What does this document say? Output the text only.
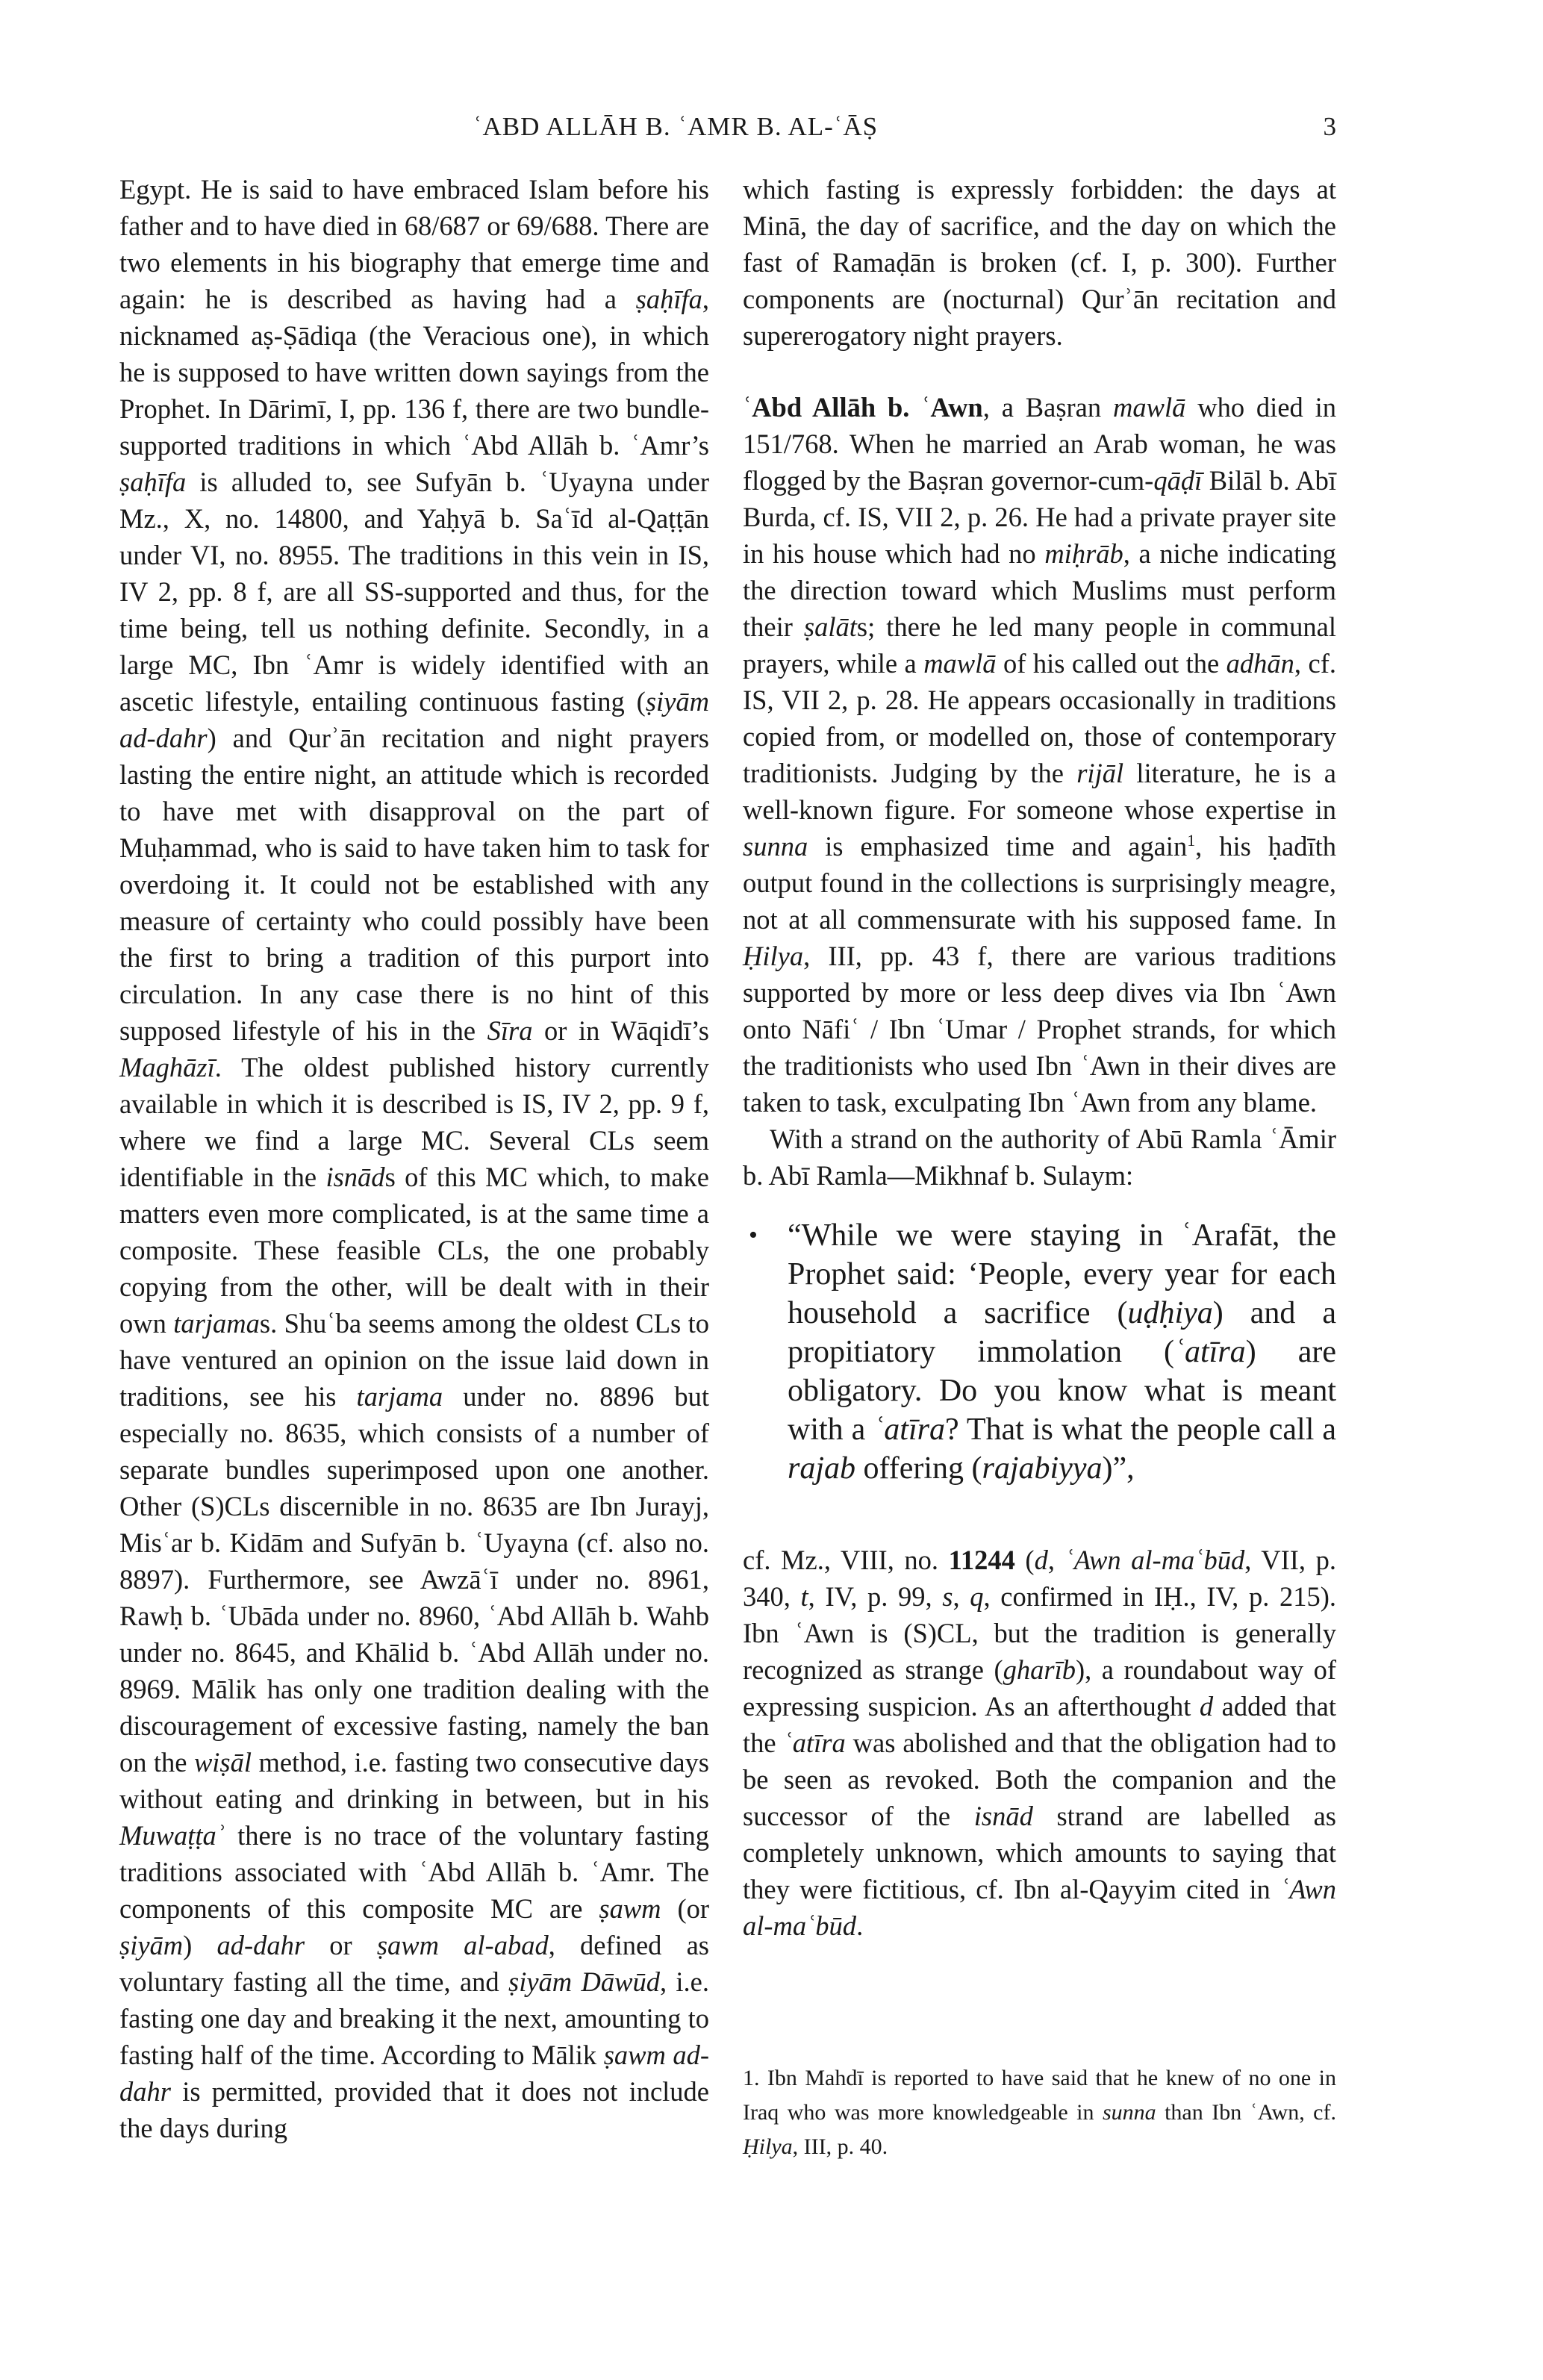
ʿABD ALLĀH B. ʿAMR B. AL-ʿĀṢ	3

Egypt. He is said to have embraced Islam before his father and to have died in 68/687 or 69/688. There are two elements in his biography that emerge time and again: he is described as having had a ṣaḥīfa, nicknamed aṣ-Ṣādiqa (the Veracious one), in which he is supposed to have written down sayings from the Prophet. In Dārimī, I, pp. 136 f, there are two bundle-supported traditions in which ʿAbd Allāh b. ʿAmr’s ṣaḥīfa is alluded to, see Sufyān b. ʿUyayna under Mz., X, no. 14800, and Yaḥyā b. Saʿīd al-Qaṭṭān under VI, no. 8955. The traditions in this vein in IS, IV 2, pp. 8 f, are all SS-supported and thus, for the time being, tell us nothing definite. Secondly, in a large MC, Ibn ʿAmr is widely identified with an ascetic lifestyle, entailing continuous fasting (ṣiyām ad-dahr) and Qurʾān recitation and night prayers lasting the entire night, an attitude which is recorded to have met with disapproval on the part of Muḥammad, who is said to have taken him to task for overdoing it. It could not be established with any measure of certainty who could possibly have been the first to bring a tradition of this purport into circulation. In any case there is no hint of this supposed lifestyle of his in the Sīra or in Wāqidī’s Maghāzī. The oldest published history currently available in which it is described is IS, IV 2, pp. 9 f, where we find a large MC. Several CLs seem identifiable in the isnāds of this MC which, to make matters even more complicated, is at the same time a composite. These feasible CLs, the one probably copying from the other, will be dealt with in their own tarjamas. Shuʿba seems among the oldest CLs to have ventured an opinion on the issue laid down in traditions, see his tarjama under no. 8896 but especially no. 8635, which consists of a number of separate bundles superimposed upon one another. Other (S)CLs discernible in no. 8635 are Ibn Jurayj, Misʿar b. Kidām and Sufyān b. ʿUyayna (cf. also no. 8897). Furthermore, see Awzāʿī under no. 8961, Rawḥ b. ʿUbāda under no. 8960, ʿAbd Allāh b. Wahb under no. 8645, and Khālid b. ʿAbd Allāh under no. 8969. Mālik has only one tradition dealing with the discouragement of excessive fasting, namely the ban on the wiṣāl method, i.e. fasting two consecutive days without eating and drinking in between, but in his Muwaṭṭaʾ there is no trace of the voluntary fasting traditions associated with ʿAbd Allāh b. ʿAmr. The components of this composite MC are ṣawm (or ṣiyām) ad-dahr or ṣawm al-abad, defined as voluntary fasting all the time, and ṣiyām Dāwūd, i.e. fasting one day and breaking it the next, amounting to fasting half of the time. According to Mālik ṣawm ad-dahr is permitted, provided that it does not include the days during

which fasting is expressly forbidden: the days at Minā, the day of sacrifice, and the day on which the fast of Ramaḍān is broken (cf. I, p. 300). Further components are (nocturnal) Qurʾān recitation and supererogatory night prayers.

ʿAbd Allāh b. ʿAwn, a Baṣran mawlā who died in 151/768. When he married an Arab woman, he was flogged by the Baṣran governor-cum-qāḍī Bilāl b. Abī Burda, cf. IS, VII 2, p. 26. He had a private prayer site in his house which had no miḥrāb, a niche indicating the direction toward which Muslims must perform their ṣalāts; there he led many people in communal prayers, while a mawlā of his called out the adhān, cf. IS, VII 2, p. 28. He appears occasionally in traditions copied from, or modelled on, those of contemporary traditionists. Judging by the rijāl literature, he is a well-known figure. For someone whose expertise in sunna is emphasized time and again$^1$, his ḥadīth output found in the collections is surprisingly meagre, not at all commensurate with his supposed fame. In Ḥilya, III, pp. 43 f, there are various traditions supported by more or less deep dives via Ibn ʿAwn onto Nāfiʿ / Ibn ʿUmar / Prophet strands, for which the traditionists who used Ibn ʿAwn in their dives are taken to task, exculpating Ibn ʿAwn from any blame.

With a strand on the authority of Abū Ramla ʿĀmir b. Abī Ramla—Mikhnaf b. Sulaym:

• “While we were staying in ʿArafāt, the Prophet said: ‘People, every year for each household a sacrifice (uḍḥiya) and a propitiatory immolation (ʿatīra) are obligatory. Do you know what is meant with a ʿatīra? That is what the people call a rajab offering (rajabiyya)”,

cf. Mz., VIII, no. 11244 (d, ʿAwn al-maʿbūd, VII, p. 340, t, IV, p. 99, s, q, confirmed in IḤ., IV, p. 215). Ibn ʿAwn is (S)CL, but the tradition is generally recognized as strange (gharīb), a roundabout way of expressing suspicion. As an afterthought d added that the ʿatīra was abolished and that the obligation had to be seen as revoked. Both the companion and the successor of the isnād strand are labelled as completely unknown, which amounts to saying that they were fictitious, cf. Ibn al-Qayyim cited in ʿAwn al-maʿbūd.

1. Ibn Mahdī is reported to have said that he knew of no one in Iraq who was more knowledgeable in sunna than Ibn ʿAwn, cf. Ḥilya, III, p. 40.
